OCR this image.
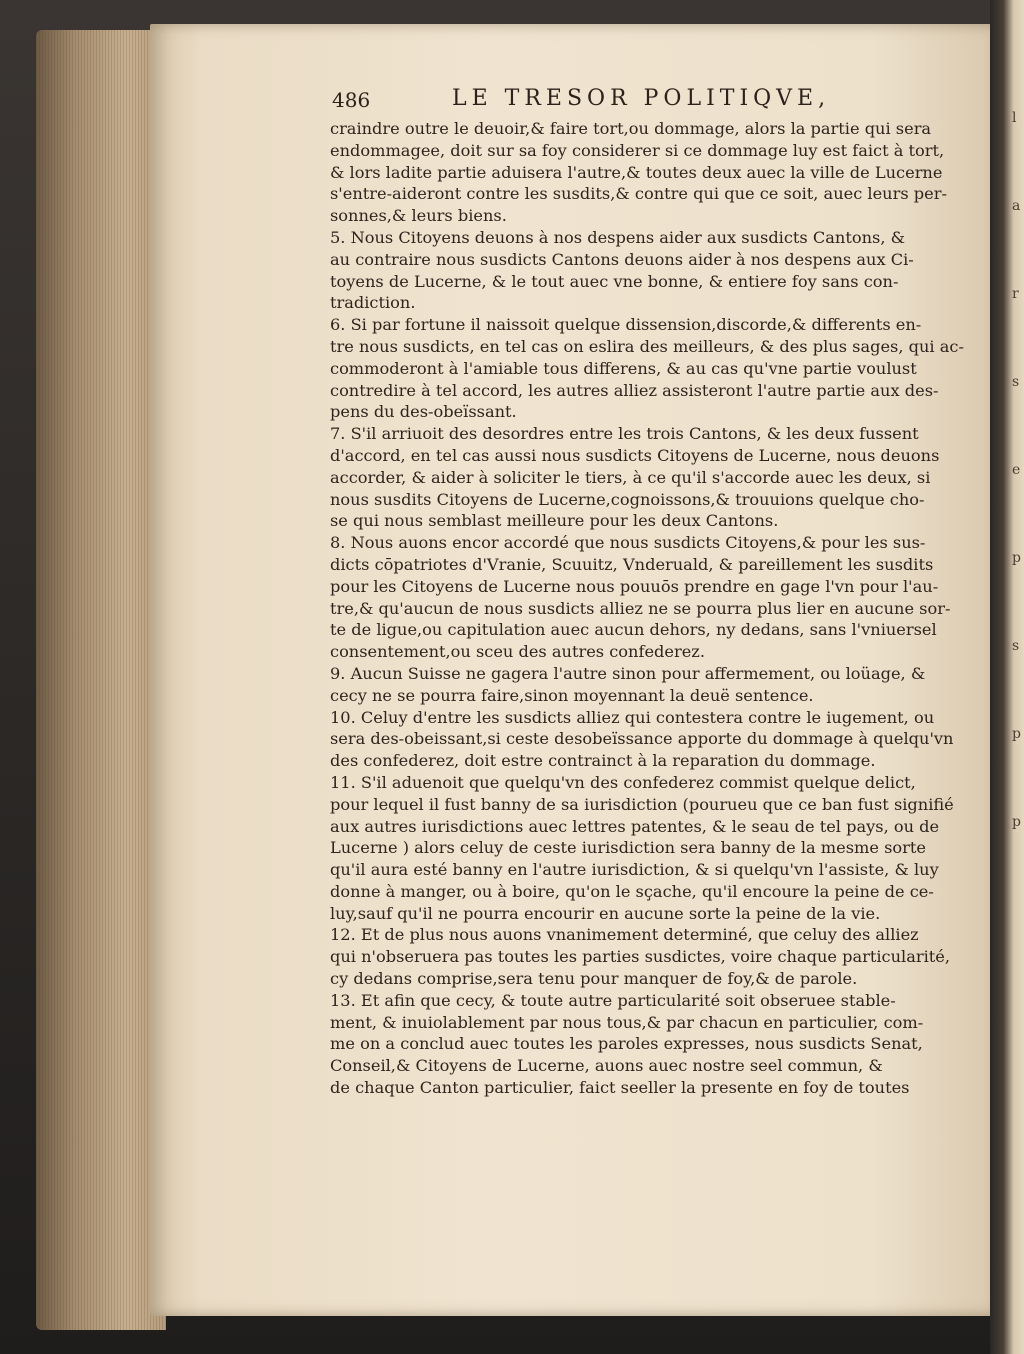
l
a
r
s
e
p
s
p
p
486	LE TRESOR POLITIQVE,
craindre outre le deuoir,& faire tort,ou dommage, alors la partie qui sera
endommagee, doit sur sa foy considerer si ce dommage luy est faict à tort,
& lors ladite partie aduisera l'autre,& toutes deux auec la ville de Lucerne
s'entre-aideront contre les susdits,& contre qui que ce soit, auec leurs per-
sonnes,& leurs biens.
5. Nous Citoyens deuons à nos despens aider aux susdicts Cantons, &
au contraire nous susdicts Cantons deuons aider à nos despens aux Ci-
toyens de Lucerne, & le tout auec vne bonne, & entiere foy sans con-
tradiction.
6. Si par fortune il naissoit quelque dissension,discorde,& differents en-
tre nous susdicts, en tel cas on eslira des meilleurs, & des plus sages, qui ac-
commoderont à l'amiable tous differens, & au cas qu'vne partie voulust
contredire à tel accord, les autres alliez assisteront l'autre partie aux des-
pens du des-obeïssant.
7. S'il arriuoit des desordres entre les trois Cantons, & les deux fussent
d'accord, en tel cas aussi nous susdicts Citoyens de Lucerne, nous deuons
accorder, & aider à soliciter le tiers, à ce qu'il s'accorde auec les deux, si
nous susdits Citoyens de Lucerne,cognoissons,& trouuions quelque cho-
se qui nous semblast meilleure pour les deux Cantons.
8. Nous auons encor accordé que nous susdicts Citoyens,& pour les sus-
dicts cōpatriotes d'Vranie, Scuuitz, Vnderuald, & pareillement les susdits
pour les Citoyens de Lucerne nous pouuōs prendre en gage l'vn pour l'au-
tre,& qu'aucun de nous susdicts alliez ne se pourra plus lier en aucune sor-
te de ligue,ou capitulation auec aucun dehors, ny dedans, sans l'vniuersel
consentement,ou sceu des autres confederez.
9. Aucun Suisse ne gagera l'autre sinon pour affermement, ou loüage, &
cecy ne se pourra faire,sinon moyennant la deuë sentence.
10. Celuy d'entre les susdicts alliez qui contestera contre le iugement, ou
sera des-obeissant,si ceste desobeïssance apporte du dommage à quelqu'vn
des confederez, doit estre contrainct à la reparation du dommage.
11. S'il aduenoit que quelqu'vn des confederez commist quelque delict,
pour lequel il fust banny de sa iurisdiction (pourueu que ce ban fust signifié
aux autres iurisdictions auec lettres patentes, & le seau de tel pays, ou de
Lucerne ) alors celuy de ceste iurisdiction sera banny de la mesme sorte
qu'il aura esté banny en l'autre iurisdiction, & si quelqu'vn l'assiste, & luy
donne à manger, ou à boire, qu'on le sçache, qu'il encoure la peine de ce-
luy,sauf qu'il ne pourra encourir en aucune sorte la peine de la vie.
12. Et de plus nous auons vnanimement determiné, que celuy des alliez
qui n'obseruera pas toutes les parties susdictes, voire chaque particularité,
cy dedans comprise,sera tenu pour manquer de foy,& de parole.
13. Et afin que cecy, & toute autre particularité soit obseruee stable-
ment, & inuiolablement par nous tous,& par chacun en particulier, com-
me on a conclud auec toutes les paroles expresses, nous susdicts Senat,
Conseil,& Citoyens de Lucerne, auons auec nostre seel commun, &
de chaque Canton particulier, faict seeller la presente en foy de toutes
